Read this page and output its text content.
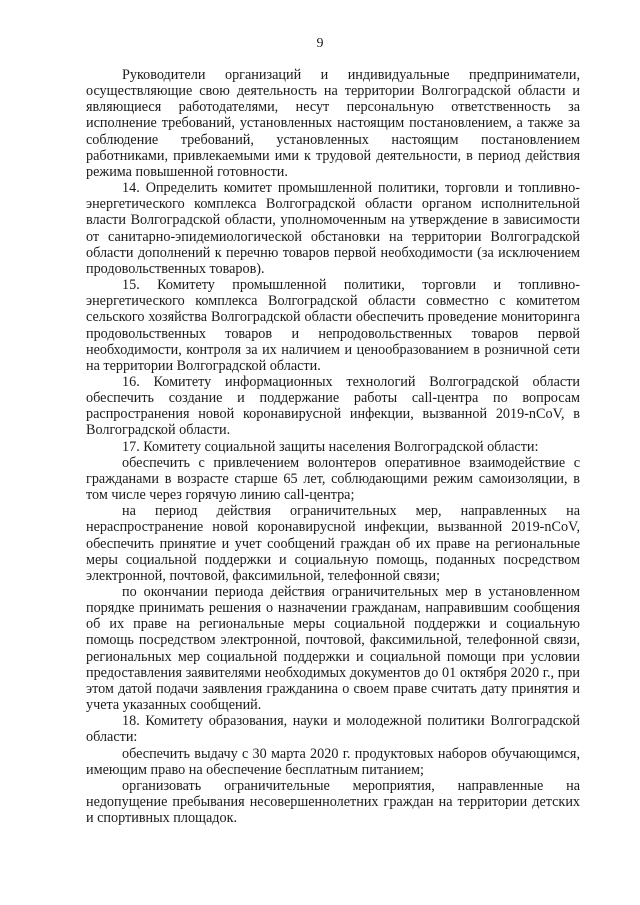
9

Руководители организаций и индивидуальные предприниматели, осуществляющие свою деятельность на территории Волгоградской области и являющиеся работодателями, несут персональную ответственность за исполнение требований, установленных настоящим постановлением, а также за соблюдение требований, установленных настоящим постановлением работниками, привлекаемыми ими к трудовой деятельности, в период действия режима повышенной готовности.

14. Определить комитет промышленной политики, торговли и топливно-энергетического комплекса Волгоградской области органом исполнительной власти Волгоградской области, уполномоченным на утверждение в зависимости от санитарно-эпидемиологической обстановки на территории Волгоградской области дополнений к перечню товаров первой необходимости (за исключением продовольственных товаров).

15. Комитету промышленной политики, торговли и топливно-энергетического комплекса Волгоградской области совместно с комитетом сельского хозяйства Волгоградской области обеспечить проведение мониторинга продовольственных товаров и непродовольственных товаров первой необходимости, контроля за их наличием и ценообразованием в розничной сети на территории Волгоградской области.

16. Комитету информационных технологий Волгоградской области обеспечить создание и поддержание работы call-центра по вопросам распространения новой коронавирусной инфекции, вызванной 2019-nCoV, в Волгоградской области.

17. Комитету социальной защиты населения Волгоградской области:

обеспечить с привлечением волонтеров оперативное взаимодействие с гражданами в возрасте старше 65 лет, соблюдающими режим самоизоляции, в том числе через горячую линию call-центра;

на период действия ограничительных мер, направленных на нераспространение новой коронавирусной инфекции, вызванной 2019-nCoV, обеспечить принятие и учет сообщений граждан об их праве на региональные меры социальной поддержки и социальную помощь, поданных посредством электронной, почтовой, факсимильной, телефонной связи;

по окончании периода действия ограничительных мер в установленном порядке принимать решения о назначении гражданам, направившим сообщения об их праве на региональные меры социальной поддержки и социальную помощь посредством электронной, почтовой, факсимильной, телефонной связи, региональных мер социальной поддержки и социальной помощи при условии предоставления заявителями необходимых документов до 01 октября 2020 г., при этом датой подачи заявления гражданина о своем праве считать дату принятия и учета указанных сообщений.

18. Комитету образования, науки и молодежной политики Волгоградской области:

обеспечить выдачу с 30 марта 2020 г. продуктовых наборов обучающимся, имеющим право на обеспечение бесплатным питанием;

организовать ограничительные мероприятия, направленные на недопущение пребывания несовершеннолетних граждан на территории детских и спортивных площадок.
